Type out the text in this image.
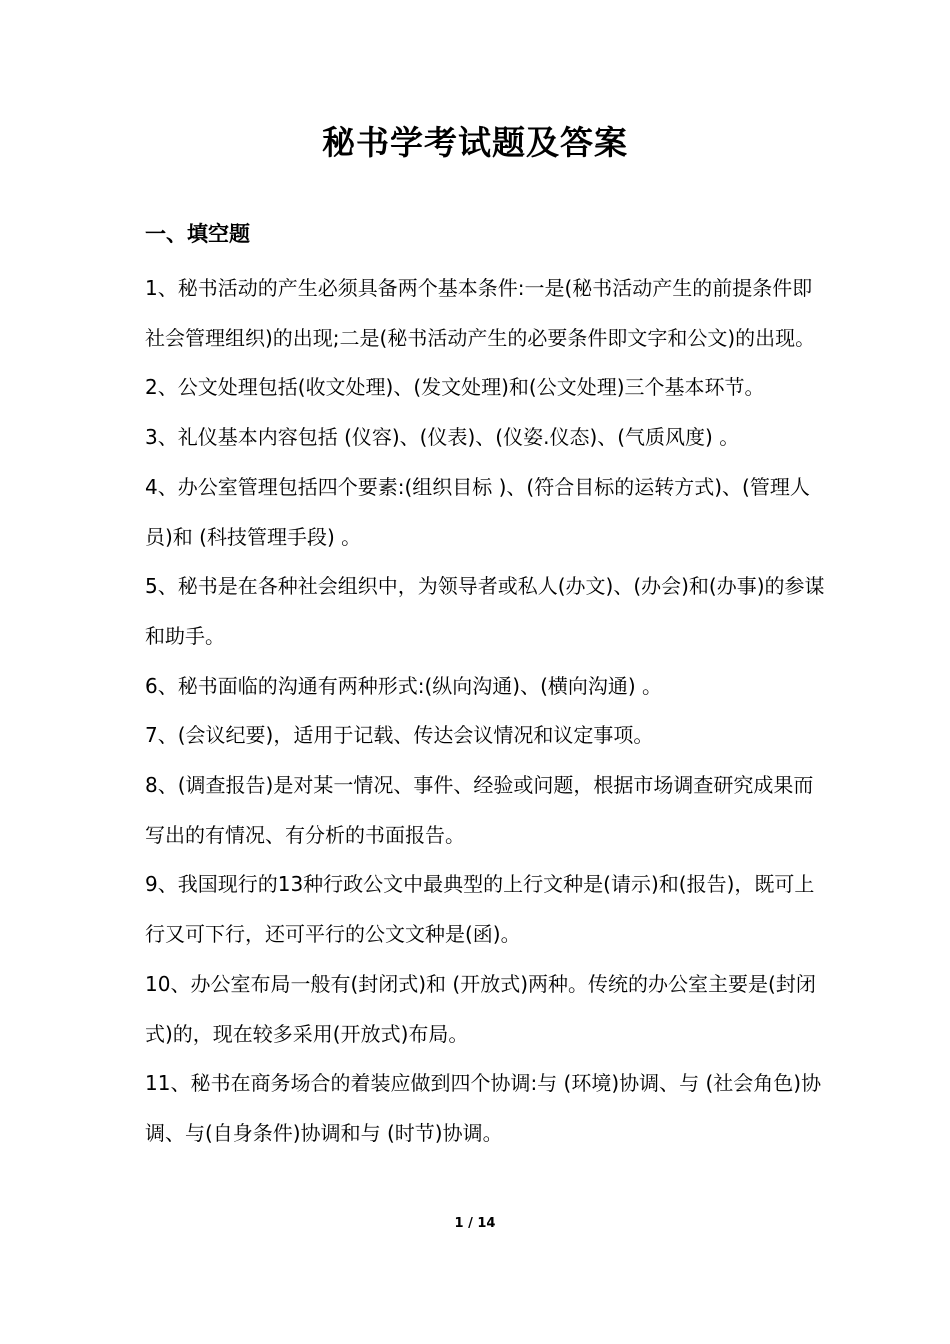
秘书学考试题及答案
一、填空题
1、秘书活动的产生必须具备两个基本条件:一是(秘书活动产生的前提条件即社会管理组织)的出现;二是(秘书活动产生的必要条件即文字和公文)的出现。
2、公文处理包括(收文处理)、(发文处理)和(公文处理)三个基本环节。
3、礼仪基本内容包括 (仪容)、(仪表)、(仪姿.仪态)、(气质风度) 。
4、办公室管理包括四个要素:(组织目标 )、(符合目标的运转方式)、(管理人员)和 (科技管理手段) 。
5、秘书是在各种社会组织中，为领导者或私人(办文)、(办会)和(办事)的参谋和助手。
6、秘书面临的沟通有两种形式:(纵向沟通)、(横向沟通) 。
7、(会议纪要)，适用于记载、传达会议情况和议定事项。
8、(调查报告)是对某一情况、事件、经验或问题，根据市场调查研究成果而写出的有情况、有分析的书面报告。
9、我国现行的13种行政公文中最典型的上行文种是(请示)和(报告)，既可上行又可下行，还可平行的公文文种是(函)。
10、办公室布局一般有(封闭式)和 (开放式)两种。传统的办公室主要是(封闭式)的，现在较多采用(开放式)布局。
11、秘书在商务场合的着装应做到四个协调:与 (环境)协调、与 (社会角色)协调、与(自身条件)协调和与 (时节)协调。
1 / 14
